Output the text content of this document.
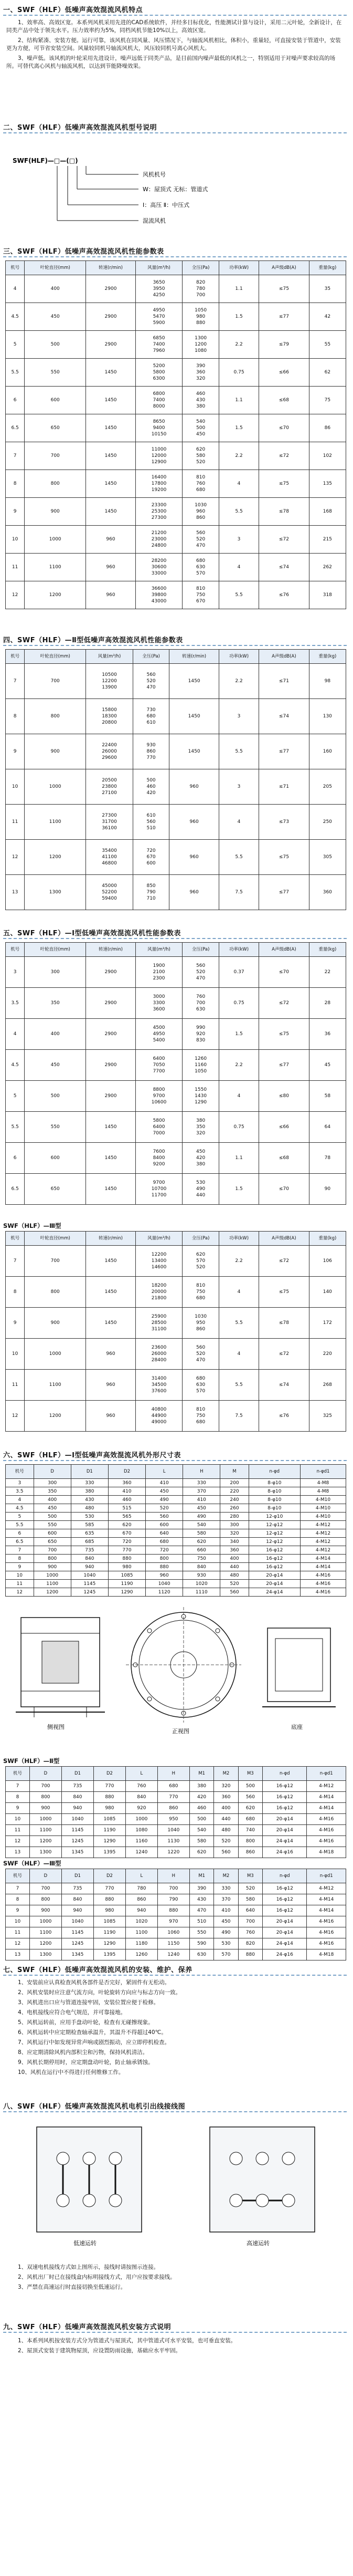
一、SWF（HLF）低噪声高效混流风机特点

1、效率高、高效区宽。本系列风机采用先进的CAD系统软件，并经多目标优化，性能测试计算与设计，采用二元叶轮，全新设计，在同类产品中处于领先水平。压力效率约为5%，同档风机节能10%以上，高效区宽。

2、结构紧凑、安装方便。运行可靠，该风机在同风量、风压情况下，与轴流风机相比，体积小，重量轻，可直接安装于管道中，安装更为方便，可节省安装空间。风量较同机号轴流风机大，风压较同机号离心风机大。

3、噪声低。该风机的叶轮采用先进设计，噪声远低于同类产品，是目前国内噪声最低的风机之一，特别适用于对噪声要求较高的场所。可替代离心风机与轴流风机，以达到节能降噪效果。

二、SWF（HLF）低噪声高效混流风机型号说明
SWF(HLF)—□—(□)
风机机号
W：屋顶式 无标：管道式
Ⅰ：高压 Ⅱ：中压式
混流风机
三、SWF（HLF）低噪声高效混流风机性能参数表
机号	叶轮直径(mm)	转速(r/min)	风量(m³/h)	全压(Pa)	功率(kW)	A声级dB(A)	重量(kg)
4	400	2900	3650
3950
4250	820
780
700	1.1	≤75	35
4.5	450	2900	4950
5470
5900	1050
980
880	1.5	≤77	42
5	500	2900	6850
7400
7960	1300
1200
1080	2.2	≤79	55
5.5	550	1450	5200
5800
6300	390
360
320	0.75	≤66	62
6	600	1450	6800
7400
8000	460
430
380	1.1	≤68	75
6.5	650	1450	8650
9400
10150	540
500
450	1.5	≤70	86
7	700	1450	11000
12000
12900	620
580
520	2.2	≤72	102
8	800	1450	16400
17800
19200	810
760
680	4	≤75	135
9	900	1450	23300
25300
27300	1030
960
860	5.5	≤78	168
10	1000	960	21200
23000
24800	560
520
470	3	≤72	215
11	1100	960	28200
30600
33000	680
630
570	4	≤74	262
12	1200	960	36600
39800
43000	810
750
670	5.5	≤76	318
四、SWF（HLF）—Ⅱ型低噪声高效混流风机性能参数表
机号	叶轮直径(mm)	风量(m³/h)	全压(Pa)	转速(r/min)	功率(kW)	A声级dB(A)	重量(kg)
7	700	10500
12200
13900	560
520
470	1450	2.2	≤71	98
8	800	15800
18300
20800	730
680
610	1450	3	≤74	130
9	900	22400
26000
29600	930
860
770	1450	5.5	≤77	160
10	1000	20500
23800
27100	500
460
420	960	3	≤71	205
11	1100	27300
31700
36100	610
560
510	960	4	≤73	250
12	1200	35400
41100
46800	720
670
600	960	5.5	≤75	305
13	1300	45000
52200
59400	850
790
710	960	7.5	≤77	360
五、SWF（HLF）—Ⅰ型低噪声高效混流风机性能参数表
机号	叶轮直径(mm)	转速(r/min)	风量(m³/h)	全压(Pa)	功率(kW)	A声级dB(A)	重量(kg)
3	300	2900	1900
2100
2300	560
520
470	0.37	≤70	22
3.5	350	2900	3000
3300
3600	760
700
630	0.75	≤72	28
4	400	2900	4500
4950
5400	990
920
830	1.5	≤75	36
4.5	450	2900	6400
7050
7700	1260
1160
1050	2.2	≤77	45
5	500	2900	8800
9700
10600	1550
1430
1290	4	≤80	58
5.5	550	1450	5800
6400
7000	380
350
320	0.75	≤66	64
6	600	1450	7600
8400
9200	450
420
380	1.1	≤68	78
6.5	650	1450	9700
10700
11700	530
490
440	1.5	≤70	90
SWF（HLF）—Ⅲ型
机号	叶轮直径(mm)	转速(r/min)	风量(m³/h)	全压(Pa)	功率(kW)	A声级dB(A)	重量(kg)
7	700	1450	12200
13400
14600	620
570
520	2.2	≤72	106
8	800	1450	18200
20000
21800	810
750
680	4	≤75	140
9	900	1450	25900
28500
31100	1030
950
860	5.5	≤78	172
10	1000	960	23600
26000
28400	560
520
470	4	≤72	220
11	1100	960	31400
34500
37600	680
630
570	5.5	≤74	268
12	1200	960	40800
44900
49000	810
750
680	7.5	≤76	325
六、SWF（HLF）—Ⅰ型低噪声高效混流风机外形尺寸表
机号	D	D1	D2	L	H	M	n-φd	n-φd1
3	300	330	360	410	330	200	8-φ10	4-M8
3.5	350	380	410	450	370	220	8-φ10	4-M8
4	400	430	460	490	410	240	8-φ10	4-M10
4.5	450	480	515	520	450	260	8-φ10	4-M10
5	500	530	565	560	490	280	12-φ10	4-M10
5.5	550	585	620	600	540	300	12-φ12	4-M12
6	600	635	670	640	580	320	12-φ12	4-M12
6.5	650	685	720	680	620	340	12-φ12	4-M12
7	700	735	770	720	660	360	16-φ12	4-M12
8	800	840	880	800	750	400	16-φ12	4-M14
9	900	940	980	880	840	440	16-φ12	4-M14
10	1000	1040	1085	960	930	480	20-φ14	4-M16
11	1100	1145	1190	1040	1020	520	20-φ14	4-M16
12	1200	1245	1290	1120	1110	560	24-φ14	4-M16
侧视图
正视图
底座
SWF（HLF）—Ⅱ型
机号	D	D1	D2	L	H	M1	M2	M3	n-φd	n-φd1
7	700	735	770	760	680	380	320	500	16-φ12	4-M12
8	800	840	880	840	770	420	360	560	16-φ12	4-M14
9	900	940	980	920	860	460	400	620	16-φ12	4-M14
10	1000	1040	1085	1000	950	500	440	680	20-φ14	4-M16
11	1100	1145	1190	1080	1040	540	480	740	20-φ14	4-M16
12	1200	1245	1290	1160	1130	580	520	800	24-φ14	4-M16
13	1300	1345	1395	1240	1220	620	560	860	24-φ16	4-M18
SWF（HLF）—Ⅲ型
机号	D	D1	D2	L	H	M1	M2	M3	n-φd	n-φd1
7	700	735	770	780	700	390	330	520	16-φ12	4-M12
8	800	840	880	860	790	430	370	580	16-φ12	4-M14
9	900	940	980	940	880	470	410	640	16-φ12	4-M14
10	1000	1040	1085	1020	970	510	450	700	20-φ14	4-M16
11	1100	1145	1190	1100	1060	550	490	760	20-φ14	4-M16
12	1200	1245	1290	1180	1150	590	530	820	24-φ14	4-M16
13	1300	1345	1395	1260	1240	630	570	880	24-φ16	4-M18
七、SWF（HLF）低噪声高效混流风机的安装、维护、保养

1、安装前应认真检查风机各部件是否完好，紧固件有无松动。

2、风机安装时应注意气流方向，叶轮旋转方向应与标志方向一致。

3、风机进出口应与管道连接牢固，安装位置应便于检修。

4、电机接线应符合电气规范，并可靠接地。

5、风机运转前，应用手盘动叶轮，检查有无碰擦现象。

6、风机运转中应定期检查轴承温升，其温升不得超过40℃。

7、风机运行中如发现异常声响或剧烈振动，应立即停机检查。

8、应定期清除风机内部积尘和污物，保持风机清洁。

9、风机长期停用时，应定期盘动叶轮，防止轴承锈蚀。

10、风机在运行中不得进行任何维修工作。

八、SWF（HLF）低噪声高效混流风机电机引出线接线图
低速运转	高速运转

1、双速电机接线方式如上图所示，接线时请按图示连接。

2、风机出厂时已在接线盒内标明接线方式，用户应按要求接线。

3、严禁在高速运行时直接切换至低速运行。

九、SWF（HLF）低噪声高效混流风机安装方式说明

1、本系列风机按安装方式分为管道式与屋顶式，其中管道式可水平安装，也可垂直安装。

2、屋顶式安装于建筑物屋顶，应设置防雨设施，基础应水平牢固。
